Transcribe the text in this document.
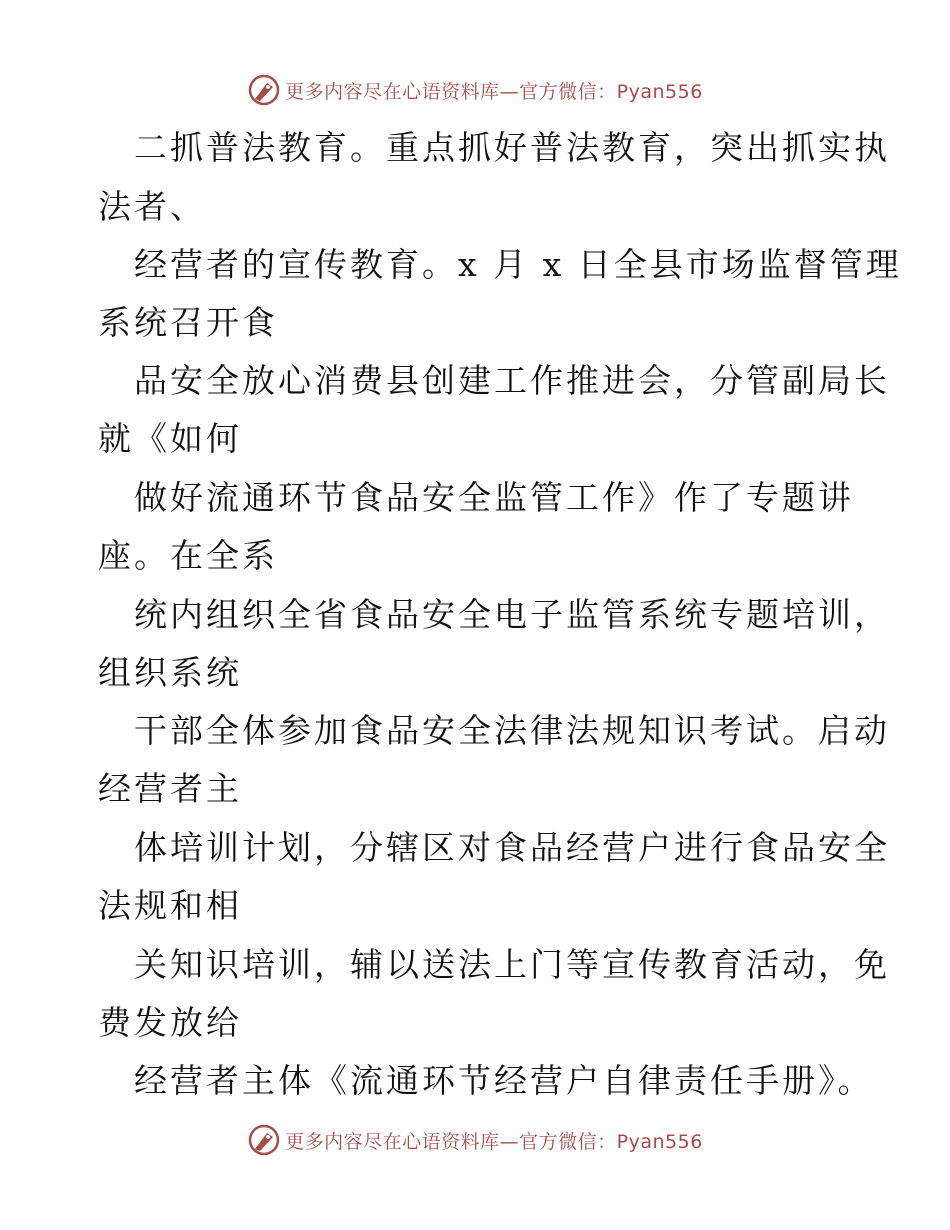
更多内容尽在心语资料库—官方微信：Pyan556
二抓普法教育。重点抓好普法教育，突出抓实执
法者、
经营者的宣传教育。x 月 x 日全县市场监督管理
系统召开食
品安全放心消费县创建工作推进会，分管副局长
就《如何
做好流通环节食品安全监管工作》作了专题讲
座。在全系
统内组织全省食品安全电子监管系统专题培训，
组织系统
干部全体参加食品安全法律法规知识考试。启动
经营者主
体培训计划，分辖区对食品经营户进行食品安全
法规和相
关知识培训，辅以送法上门等宣传教育活动，免
费发放给
经营者主体《流通环节经营户自律责任手册》。
更多内容尽在心语资料库—官方微信：Pyan556
